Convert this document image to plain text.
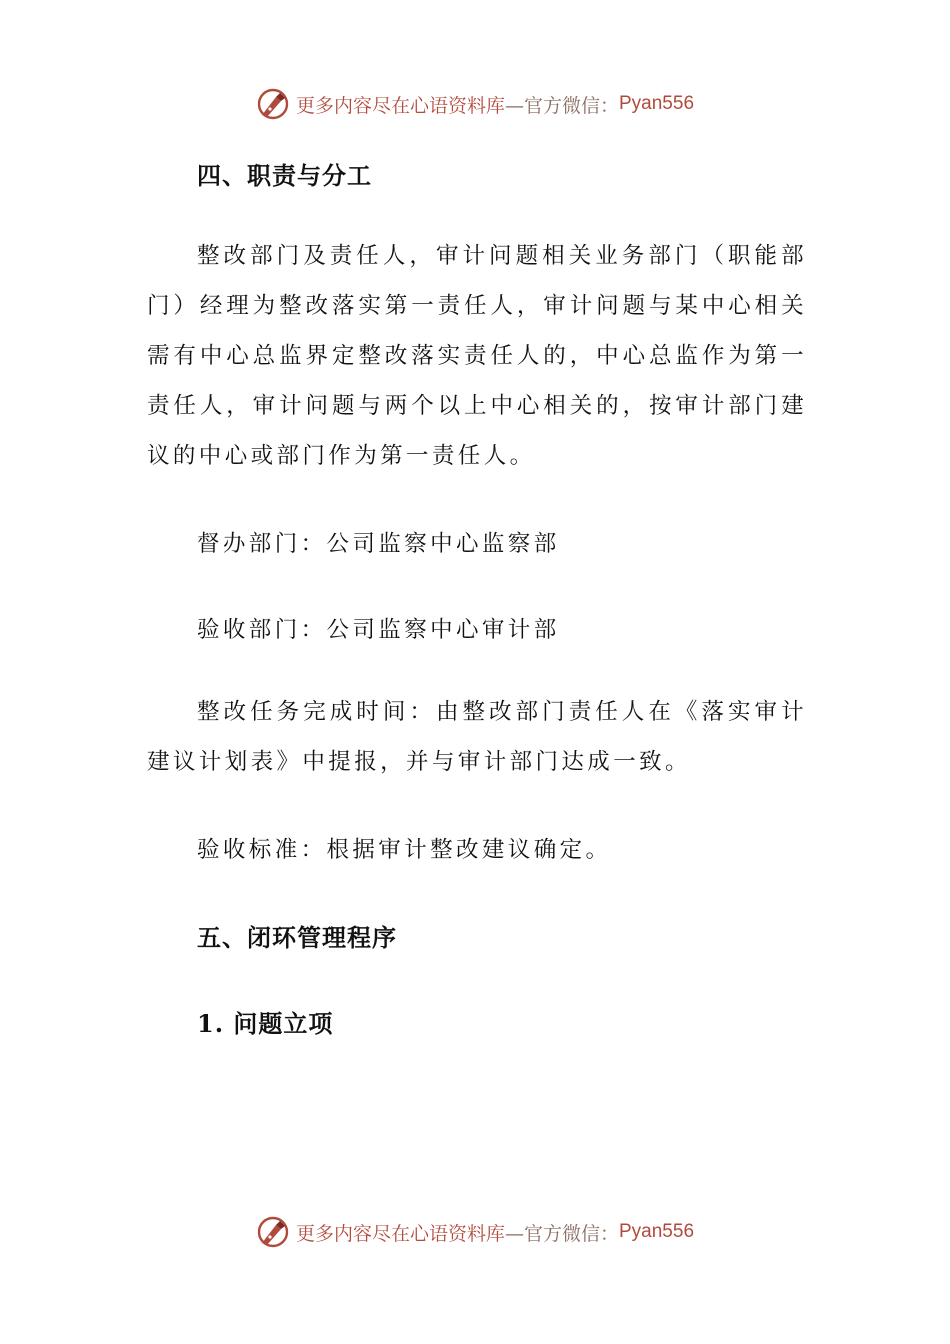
更多内容尽在心语资料库 —官方微信： Pyan556
四、职责与分工

整改部门及责任人，审计问题相关业务部门（职能部门）经理为整改落实第一责任人，审计问题与某中心相关需有中心总监界定整改落实责任人的，中心总监作为第一责任人，审计问题与两个以上中心相关的，按审计部门建议的中心或部门作为第一责任人。

督办部门：公司监察中心监察部
验收部门：公司监察中心审计部

整改任务完成时间：由整改部门责任人在《落实审计建议计划表》中提报，并与审计部门达成一致。

验收标准：根据审计整改建议确定。
五、闭环管理程序
1. 问题立项
更多内容尽在心语资料库 —官方微信： Pyan556
